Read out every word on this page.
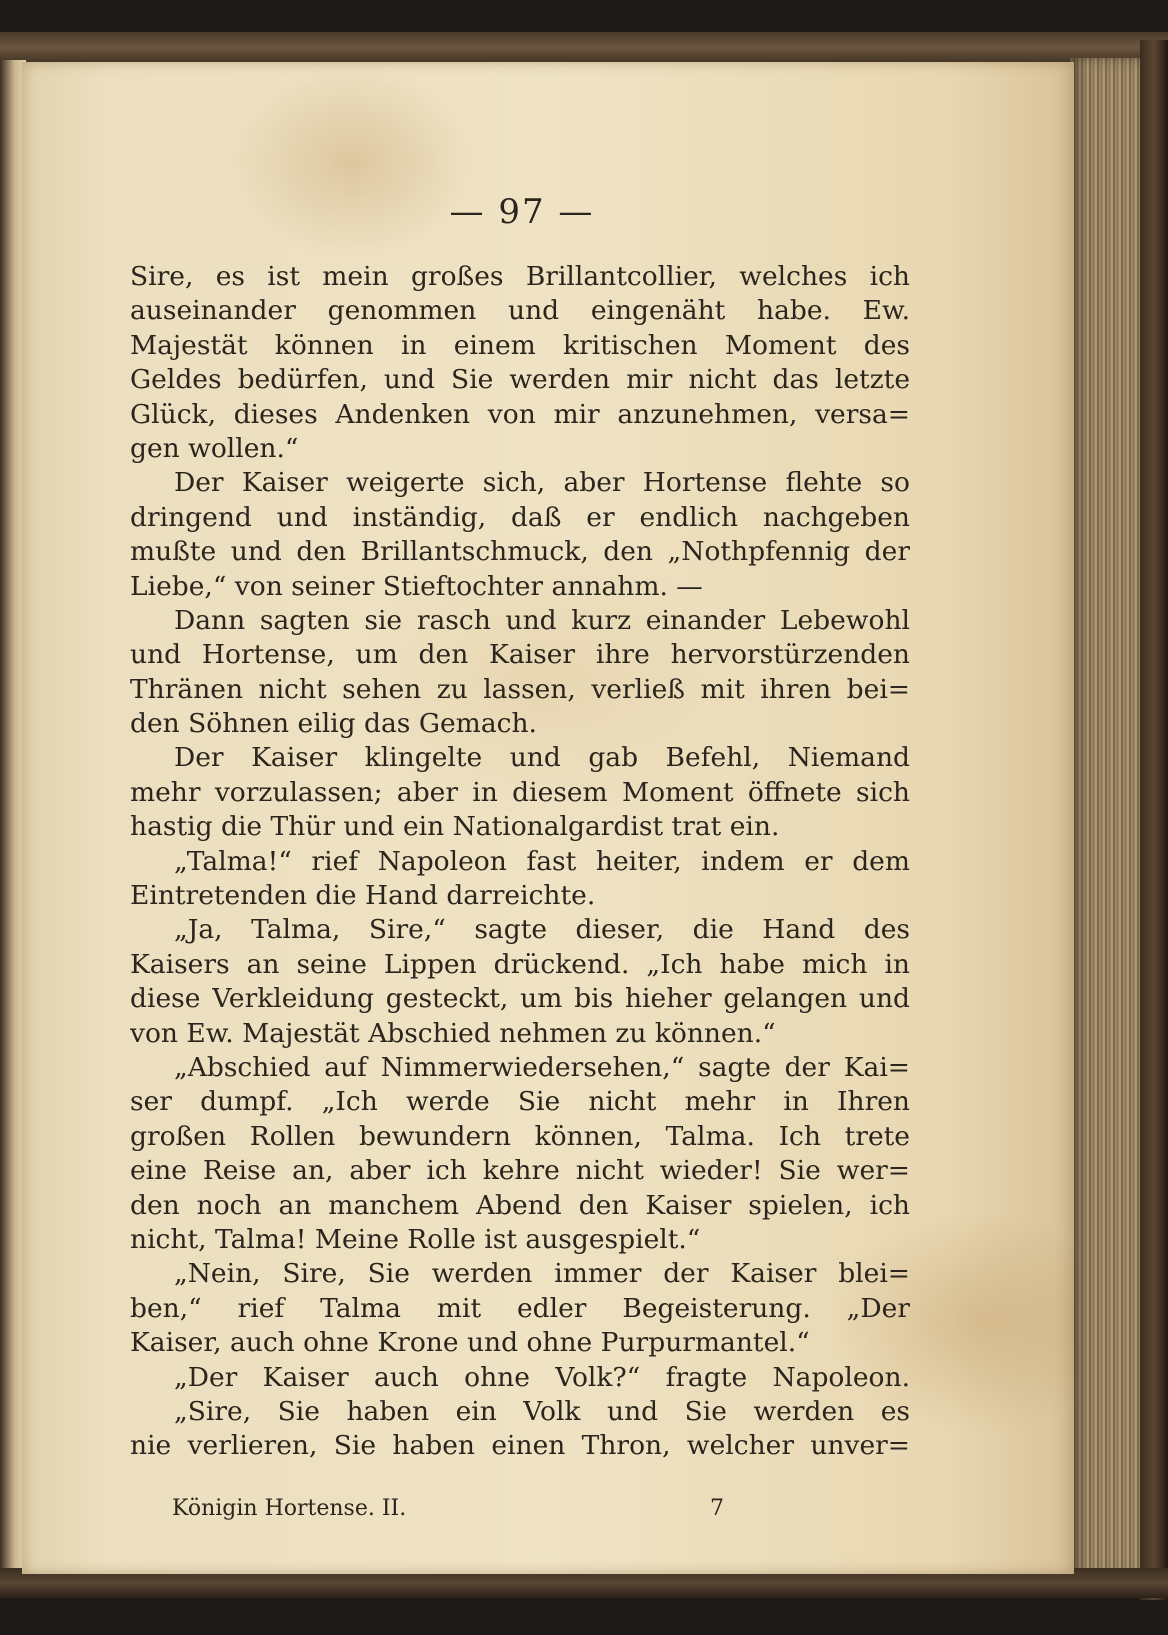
— 97 —
Sire, es ist mein großes Brillantcollier, welches ich
auseinander genommen und eingenäht habe. Ew.
Majestät können in einem kritischen Moment des
Geldes bedürfen, und Sie werden mir nicht das letzte
Glück, dieses Andenken von mir anzunehmen, versa=
gen wollen.“
Der Kaiser weigerte sich, aber Hortense flehte so
dringend und inständig, daß er endlich nachgeben
mußte und den Brillantschmuck, den „Nothpfennig der
Liebe,“ von seiner Stieftochter annahm. —
Dann sagten sie rasch und kurz einander Lebewohl
und Hortense, um den Kaiser ihre hervorstürzenden
Thränen nicht sehen zu lassen, verließ mit ihren bei=
den Söhnen eilig das Gemach.
Der Kaiser klingelte und gab Befehl, Niemand
mehr vorzulassen; aber in diesem Moment öffnete sich
hastig die Thür und ein Nationalgardist trat ein.
„Talma!“ rief Napoleon fast heiter, indem er dem
Eintretenden die Hand darreichte.
„Ja, Talma, Sire,“ sagte dieser, die Hand des
Kaisers an seine Lippen drückend. „Ich habe mich in
diese Verkleidung gesteckt, um bis hieher gelangen und
von Ew. Majestät Abschied nehmen zu können.“
„Abschied auf Nimmerwiedersehen,“ sagte der Kai=
ser dumpf. „Ich werde Sie nicht mehr in Ihren
großen Rollen bewundern können, Talma. Ich trete
eine Reise an, aber ich kehre nicht wieder! Sie wer=
den noch an manchem Abend den Kaiser spielen, ich
nicht, Talma! Meine Rolle ist ausgespielt.“
„Nein, Sire, Sie werden immer der Kaiser blei=
ben,“ rief Talma mit edler Begeisterung. „Der
Kaiser, auch ohne Krone und ohne Purpurmantel.“
„Der Kaiser auch ohne Volk?“ fragte Napoleon.
„Sire, Sie haben ein Volk und Sie werden es
nie verlieren, Sie haben einen Thron, welcher unver=
Königin Hortense. II.	7
